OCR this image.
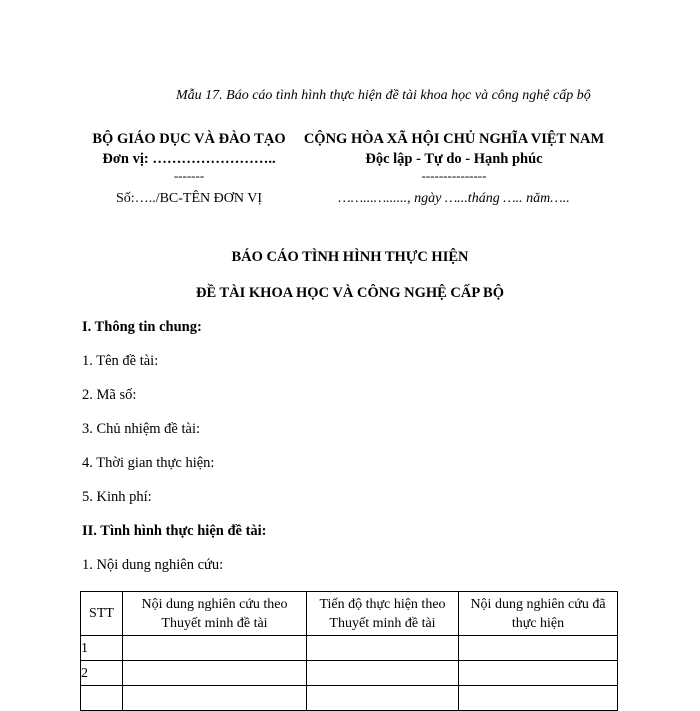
Mẫu 17. Báo cáo tình hình thực hiện đề tài khoa học và công nghệ cấp bộ
BỘ GIÁO DỤC VÀ ĐÀO TẠO
Đơn vị: ……………………..
-------
CỘNG HÒA XÃ HỘI CHỦ NGHĨA VIỆT NAM
Độc lập - Tự do - Hạnh phúc
---------------
Số:…../BC-TÊN ĐƠN VỊ	……...…......, ngày …...tháng ….. năm…..
BÁO CÁO TÌNH HÌNH THỰC HIỆN
ĐỀ TÀI KHOA HỌC VÀ CÔNG NGHỆ CẤP BỘ
I. Thông tin chung:
1. Tên đề tài:
2. Mã số:
3. Chủ nhiệm đề tài:
4. Thời gian thực hiện:
5. Kinh phí:
II. Tình hình thực hiện đề tài:
1. Nội dung nghiên cứu:
STT	Nội dung nghiên cứu theo Thuyết minh đề tài	Tiến độ thực hiện theo Thuyết minh đề tài	Nội dung nghiên cứu đã thực hiện
1			
2			
